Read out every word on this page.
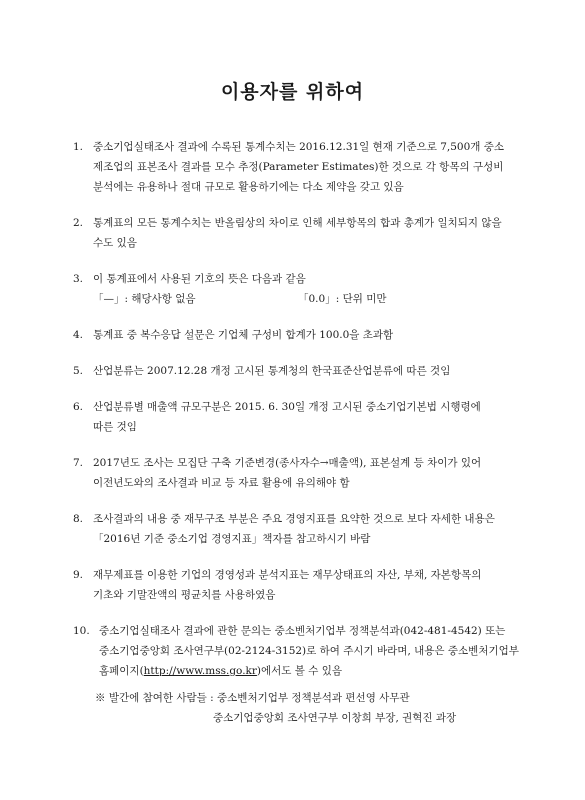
이용자를 위하여
1. 중소기업실태조사 결과에 수록된 통계수치는 2016.12.31일 현재 기준으로 7,500개 중소
제조업의 표본조사 결과를 모수 추정(Parameter Estimates)한 것으로 각 항목의 구성비
분석에는 유용하나 절대 규모로 활용하기에는 다소 제약을 갖고 있음
2. 통계표의 모든 통계수치는 반올림상의 차이로 인해 세부항목의 합과 총계가 일치되지 않을
수도 있음
3. 이 통계표에서 사용된 기호의 뜻은 다음과 같음
「—」: 해당사항 없음	「0.0」: 단위 미만
4. 통계표 중 복수응답 설문은 기업체 구성비 합계가 100.0을 초과함
5. 산업분류는 2007.12.28 개정 고시된 통계청의 한국표준산업분류에 따른 것임
6. 산업분류별 매출액 규모구분은 2015. 6. 30일 개정 고시된 중소기업기본법 시행령에
따른 것임
7. 2017년도 조사는 모집단 구축 기준변경(종사자수→매출액), 표본설계 등 차이가 있어
이전년도와의 조사결과 비교 등 자료 활용에 유의해야 함
8. 조사결과의 내용 중 재무구조 부분은 주요 경영지표를 요약한 것으로 보다 자세한 내용은
「2016년 기준 중소기업 경영지표」책자를 참고하시기 바람
9. 재무제표를 이용한 기업의 경영성과 분석지표는 재무상태표의 자산, 부채, 자본항목의
기초와 기말잔액의 평균치를 사용하였음
10. 중소기업실태조사 결과에 관한 문의는 중소벤처기업부 정책분석과(042-481-4542) 또는
중소기업중앙회 조사연구부(02-2124-3152)로 하여 주시기 바라며, 내용은 중소벤처기업부
홈페이지(http://www.mss.go.kr)에서도 볼 수 있음
※ 발간에 참여한 사람들 : 중소벤처기업부 정책분석과 편선영 사무관
중소기업중앙회 조사연구부 이창희 부장, 권혁진 과장
